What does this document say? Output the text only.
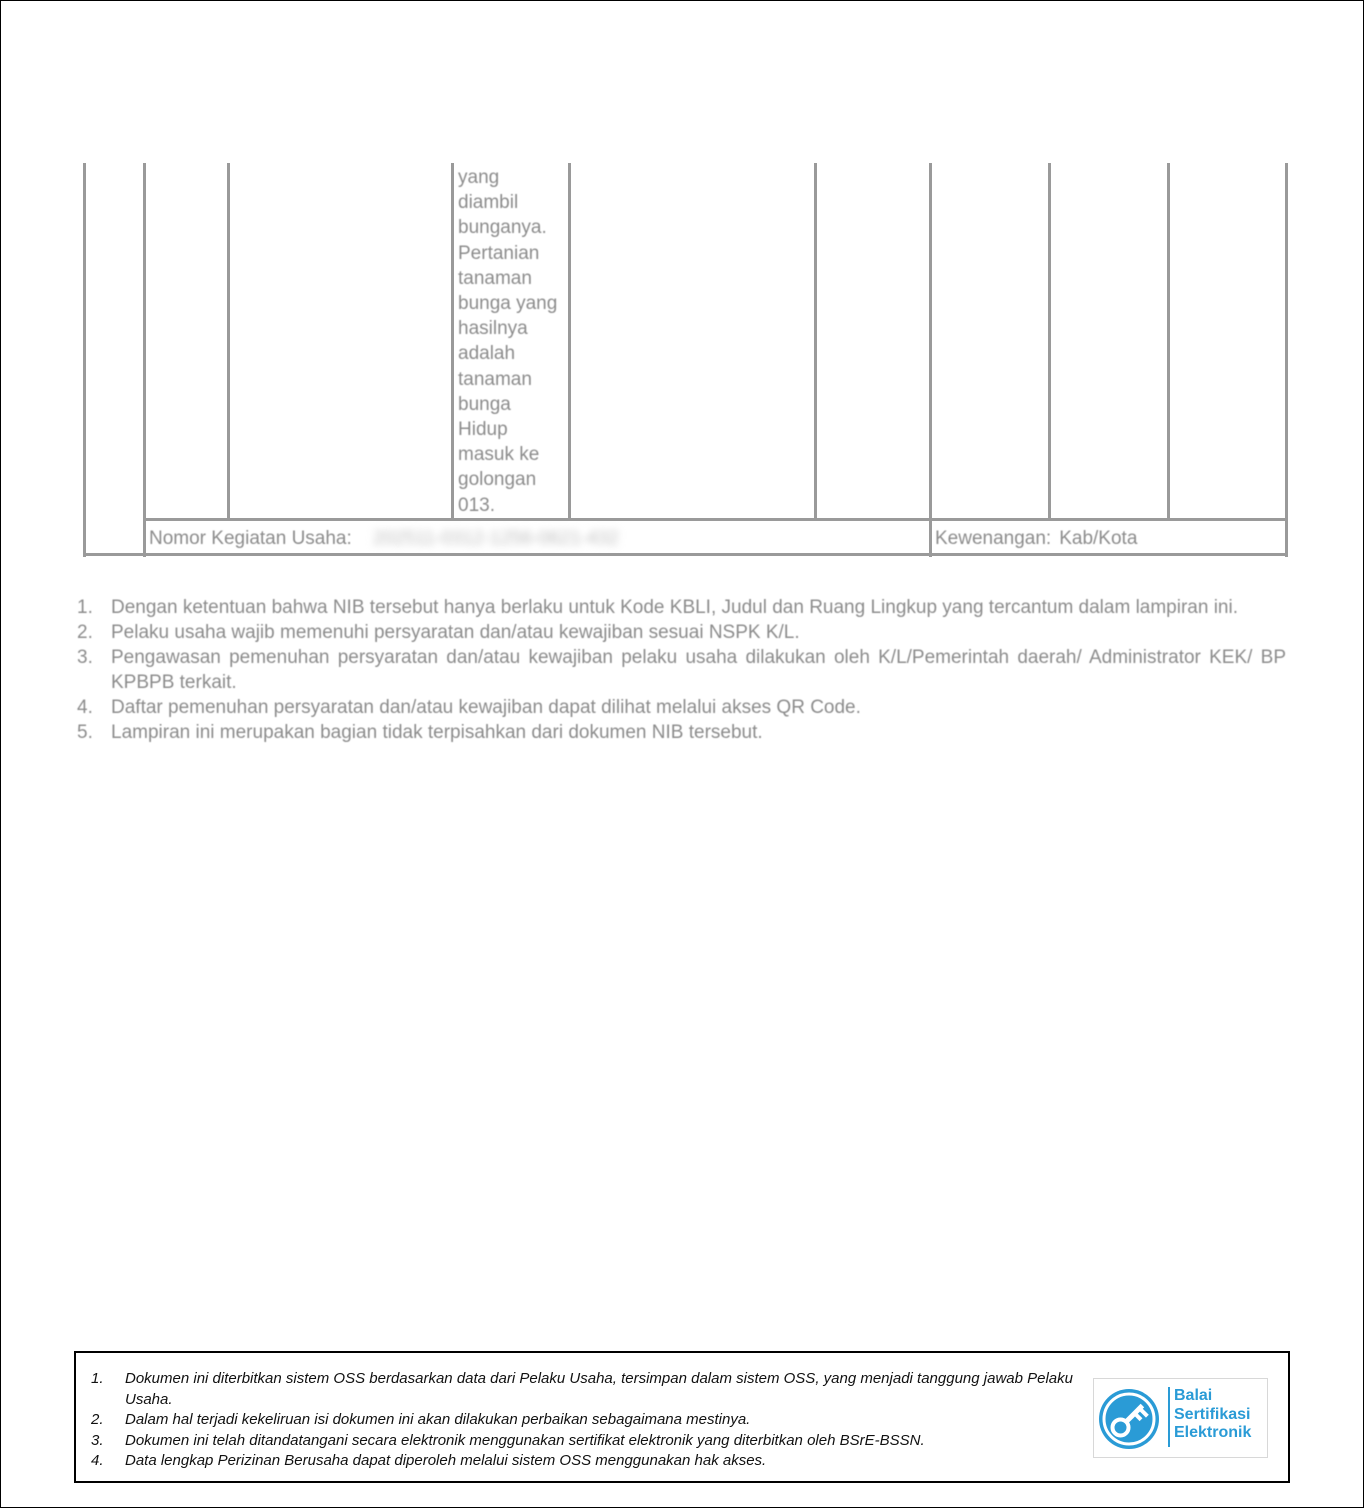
yang
diambil
bunganya.
Pertanian
tanaman
bunga yang
hasilnya
adalah
tanaman
bunga
Hidup
masuk ke
golongan
013.
Nomor Kegiatan Usaha: 202511-0312-1256-0621-432	Kewenangan: Kab/Kota
1. Dengan ketentuan bahwa NIB tersebut hanya berlaku untuk Kode KBLI, Judul dan Ruang Lingkup yang tercantum dalam lampiran ini.
2. Pelaku usaha wajib memenuhi persyaratan dan/atau kewajiban sesuai NSPK K/L.
3. Pengawasan pemenuhan persyaratan dan/atau kewajiban pelaku usaha dilakukan oleh K/L/Pemerintah daerah/ Administrator KEK/ BP KPBPB terkait.
4. Daftar pemenuhan persyaratan dan/atau kewajiban dapat dilihat melalui akses QR Code.
5. Lampiran ini merupakan bagian tidak terpisahkan dari dokumen NIB tersebut.
1. Dokumen ini diterbitkan sistem OSS berdasarkan data dari Pelaku Usaha, tersimpan dalam sistem OSS, yang menjadi tanggung jawab Pelaku Usaha.
2. Dalam hal terjadi kekeliruan isi dokumen ini akan dilakukan perbaikan sebagaimana mestinya.
3. Dokumen ini telah ditandatangani secara elektronik menggunakan sertifikat elektronik yang diterbitkan oleh BSrE-BSSN.
4. Data lengkap Perizinan Berusaha dapat diperoleh melalui sistem OSS menggunakan hak akses.
Balai
Sertifikasi
Elektronik
